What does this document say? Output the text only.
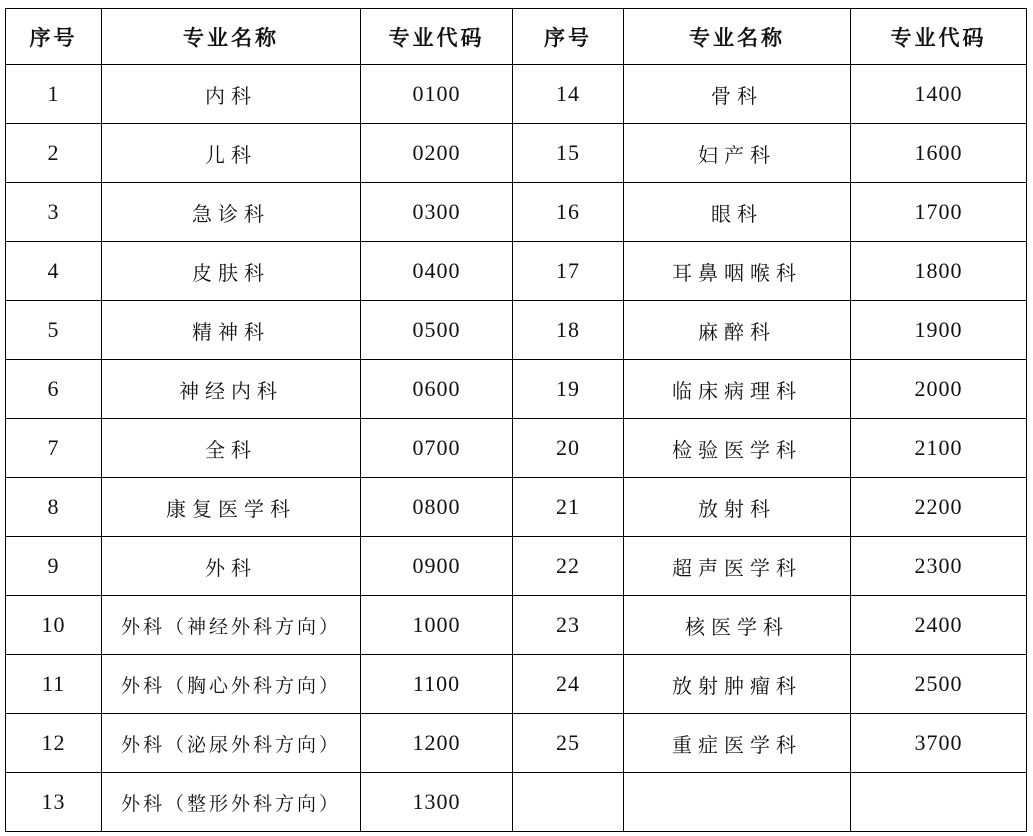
序号	专业名称	专业代码	序号	专业名称	专业代码
1	内科	0100	14	骨科	1400
2	儿科	0200	15	妇产科	1600
3	急诊科	0300	16	眼科	1700
4	皮肤科	0400	17	耳鼻咽喉科	1800
5	精神科	0500	18	麻醉科	1900
6	神经内科	0600	19	临床病理科	2000
7	全科	0700	20	检验医学科	2100
8	康复医学科	0800	21	放射科	2200
9	外科	0900	22	超声医学科	2300
10	外科（神经外科方向）	1000	23	核医学科	2400
11	外科（胸心外科方向）	1100	24	放射肿瘤科	2500
12	外科（泌尿外科方向）	1200	25	重症医学科	3700
13	外科（整形外科方向）	1300			
